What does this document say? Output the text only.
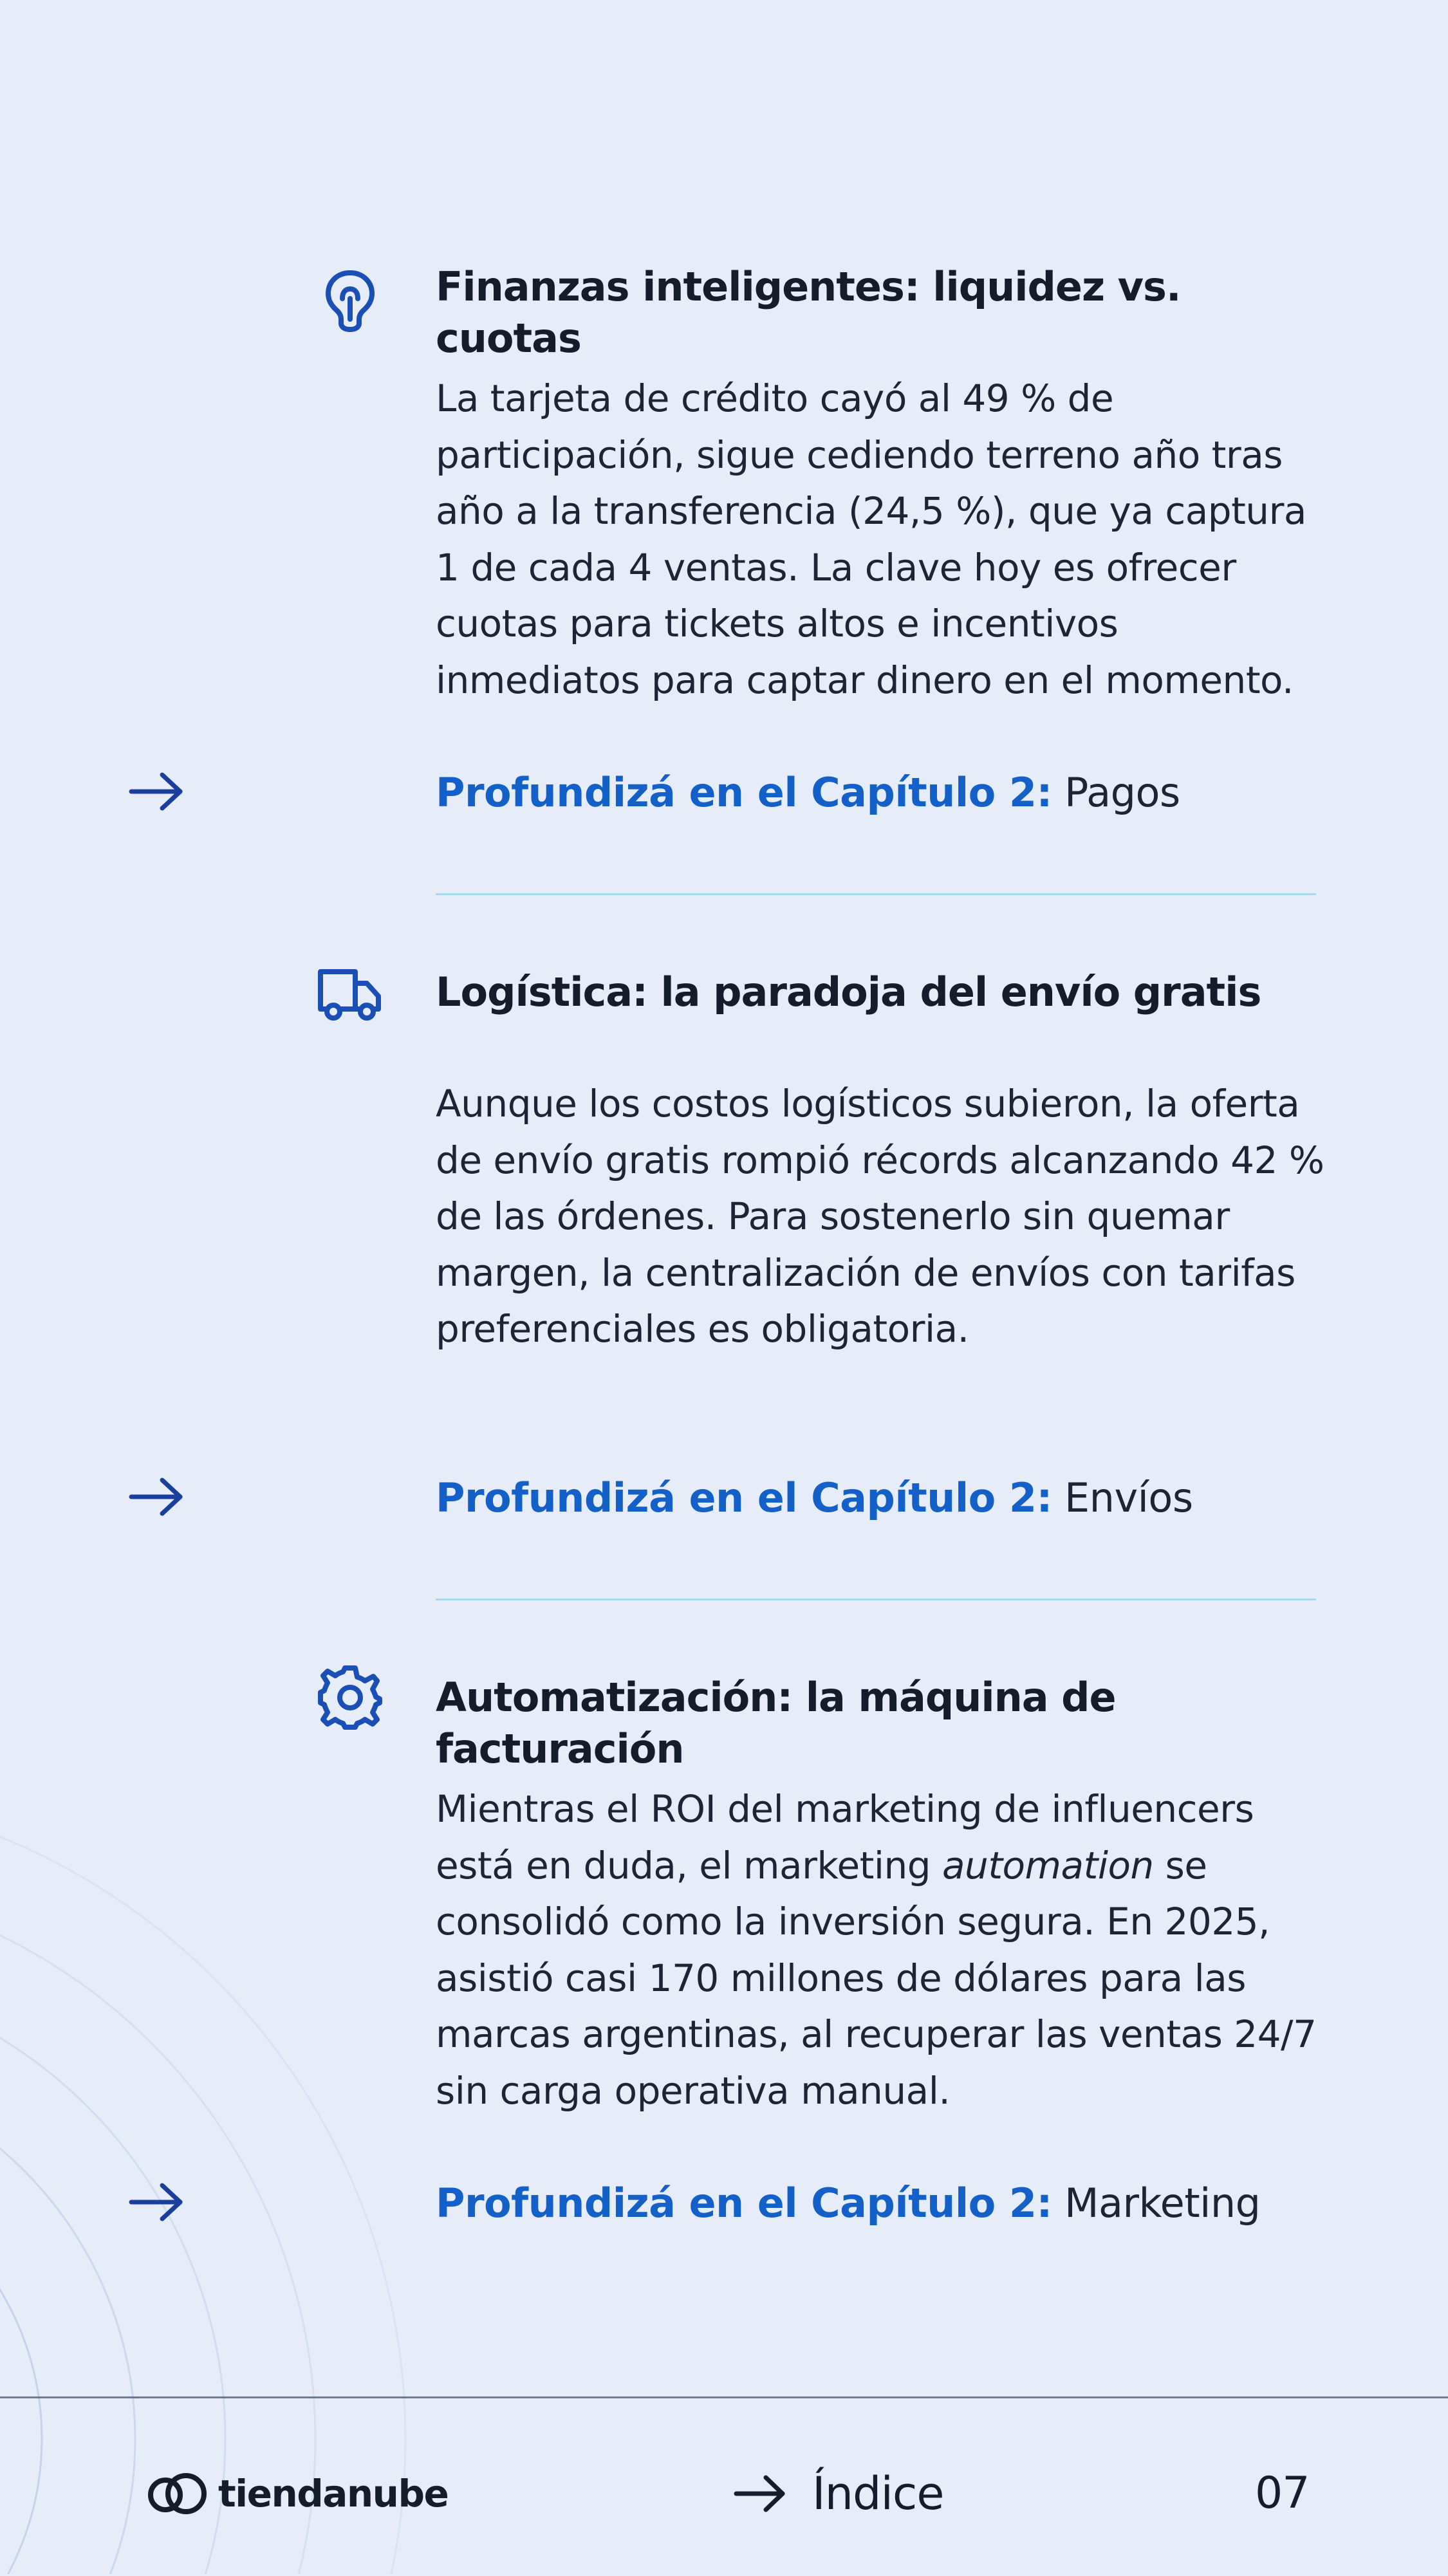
Finanzas inteligentes: liquidez vs. cuotas

La tarjeta de crédito cayó al 49 % de participación, sigue cediendo terreno año tras año a la transferencia (24,5 %), que ya captura 1 de cada 4 ventas. La clave hoy es ofrecer cuotas para tickets altos e incentivos inmediatos para captar dinero en el momento.

Profundizá en el Capítulo 2: Pagos

Logística: la paradoja del envío gratis

Aunque los costos logísticos subieron, la oferta de envío gratis rompió récords alcanzando 42 % de las órdenes. Para sostenerlo sin quemar margen, la centralización de envíos con tarifas preferenciales es obligatoria.

Profundizá en el Capítulo 2: Envíos

Automatización: la máquina de facturación

Mientras el ROI del marketing de influencers está en duda, el marketing automation se consolidó como la inversión segura. En 2025, asistió casi 170 millones de dólares para las marcas argentinas, al recuperar las ventas 24/7 sin carga operativa manual.

Profundizá en el Capítulo 2: Marketing

tiendanube	Índice	07
